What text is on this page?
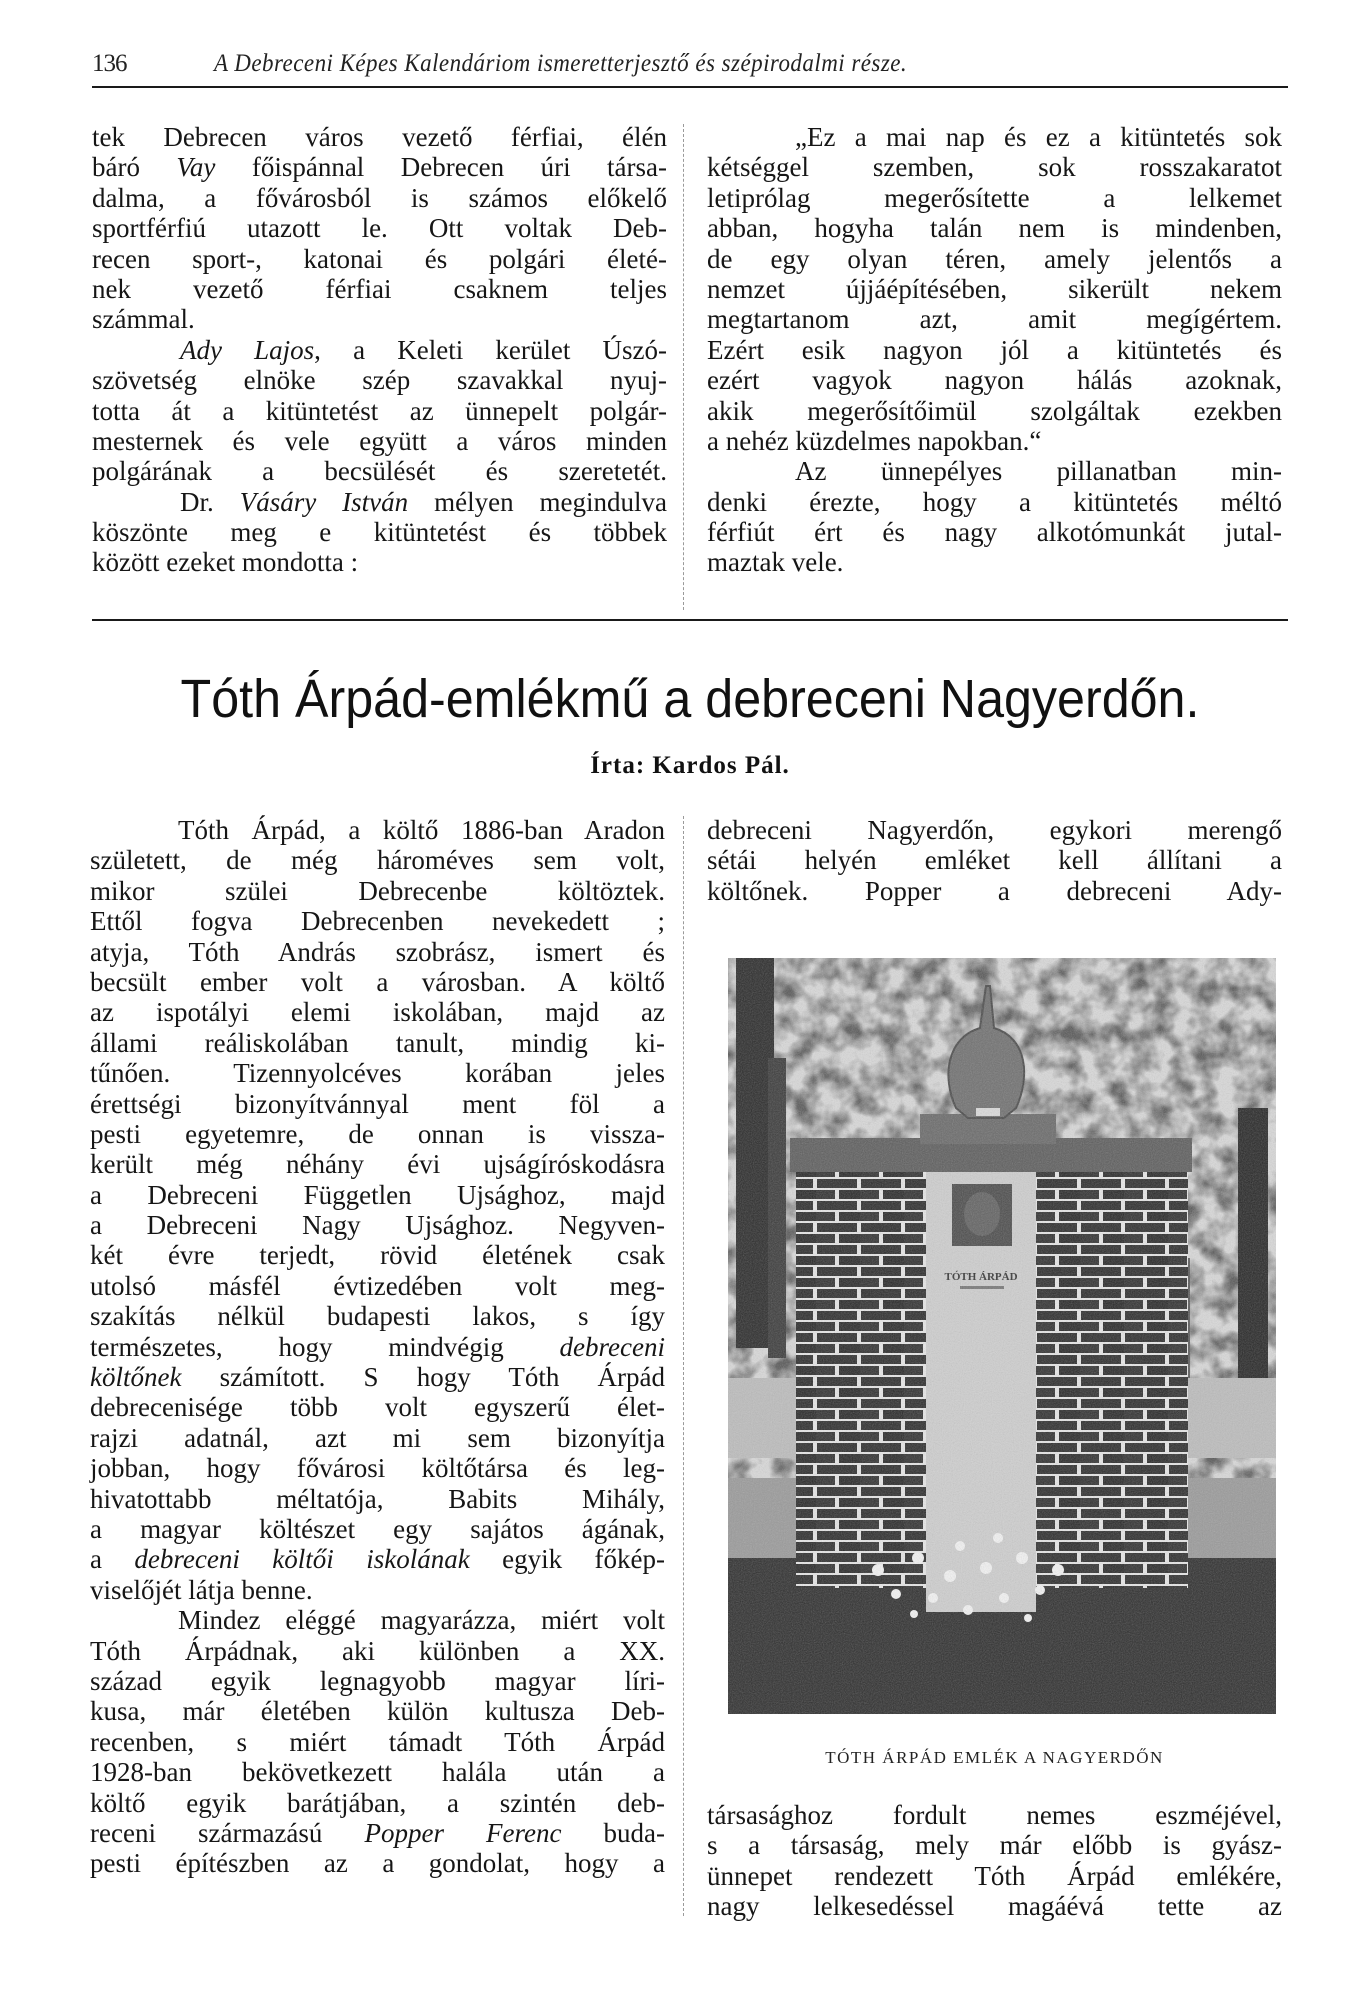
136	A Debreceni Képes Kalendáriom ismeretterjesztő és szépirodalmi része.
tek Debrecen város vezető férfiai, élén
báró Vay főispánnal Debrecen úri társa-
dalma, a fővárosból is számos előkelő
sportférfiú utazott le. Ott voltak Deb-
recen sport-, katonai és polgári életé-
nek vezető férfiai csaknem teljes
számmal.
Ady Lajos, a Keleti kerület Úszó-
szövetség elnöke szép szavakkal nyuj-
totta át a kitüntetést az ünnepelt polgár-
mesternek és vele együtt a város minden
polgárának a becsülését és szeretetét.
Dr. Vásáry István mélyen megindulva
köszönte meg e kitüntetést és többek
között ezeket mondotta :
„Ez a mai nap és ez a kitüntetés sok
kétséggel szemben, sok rosszakaratot
letiprólag megerősítette a lelkemet
abban, hogyha talán nem is mindenben,
de egy olyan téren, amely jelentős a
nemzet újjáépítésében, sikerült nekem
megtartanom azt, amit megígértem.
Ezért esik nagyon jól a kitüntetés és
ezért vagyok nagyon hálás azoknak,
akik megerősítőimül szolgáltak ezekben
a nehéz küzdelmes napokban.“
Az ünnepélyes pillanatban min-
denki érezte, hogy a kitüntetés méltó
férfiút ért és nagy alkotómunkát jutal-
maztak vele.
Tóth Árpád-emlékmű a debreceni Nagyerdőn.
Írta: Kardos Pál.
Tóth Árpád, a költő 1886-ban Aradon
született, de még hároméves sem volt,
mikor szülei Debrecenbe költöztek.
Ettől fogva Debrecenben nevekedett ;
atyja, Tóth András szobrász, ismert és
becsült ember volt a városban. A költő
az ispotályi elemi iskolában, majd az
állami reáliskolában tanult, mindig ki-
tűnően. Tizennyolcéves korában jeles
érettségi bizonyítvánnyal ment föl a
pesti egyetemre, de onnan is vissza-
került még néhány évi ujságíróskodásra
a Debreceni Független Ujsághoz, majd
a Debreceni Nagy Ujsághoz. Negyven-
két évre terjedt, rövid életének csak
utolsó másfél évtizedében volt meg-
szakítás nélkül budapesti lakos, s így
természetes, hogy mindvégig debreceni
költőnek számított. S hogy Tóth Árpád
debrecenisége több volt egyszerű élet-
rajzi adatnál, azt mi sem bizonyítja
jobban, hogy fővárosi költőtársa és leg-
hivatottabb méltatója, Babits Mihály,
a magyar költészet egy sajátos ágának,
a debreceni költői iskolának egyik főkép-
viselőjét látja benne.
Mindez eléggé magyarázza, miért volt
Tóth Árpádnak, aki különben a XX.
század egyik legnagyobb magyar líri-
kusa, már életében külön kultusza Deb-
recenben, s miért támadt Tóth Árpád
1928-ban bekövetkezett halála után a
költő egyik barátjában, a szintén deb-
receni származású Popper Ferenc buda-
pesti építészben az a gondolat, hogy a
debreceni Nagyerdőn, egykori merengő
sétái helyén emléket kell állítani a
költőnek. Popper a debreceni Ady-
TÓTH ÁRPÁD EMLÉK A NAGYERDŐN
társasághoz fordult nemes eszméjével,
s a társaság, mely már előbb is gyász-
ünnepet rendezett Tóth Árpád emlékére,
nagy lelkesedéssel magáévá tette az
